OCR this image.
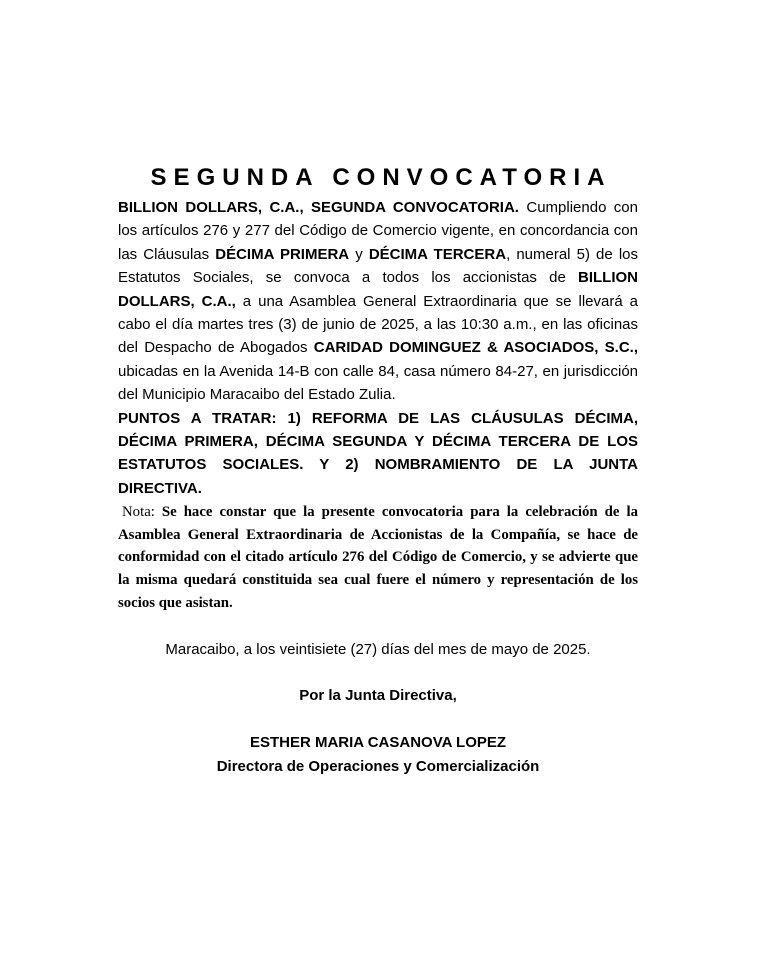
SEGUNDA CONVOCATORIA

BILLION DOLLARS, C.A., SEGUNDA CONVOCATORIA. Cumpliendo con los artículos 276 y 277 del Código de Comercio vigente, en concordancia con las Cláusulas DÉCIMA PRIMERA y DÉCIMA TERCERA, numeral 5) de los Estatutos Sociales, se convoca a todos los accionistas de BILLION DOLLARS, C.A., a una Asamblea General Extraordinaria que se llevará a cabo el día martes tres (3) de junio de 2025, a las 10:30 a.m., en las oficinas del Despacho de Abogados CARIDAD DOMINGUEZ & ASOCIADOS, S.C., ubicadas en la Avenida 14-B con calle 84, casa número 84-27, en jurisdicción del Municipio Maracaibo del Estado Zulia.

PUNTOS A TRATAR: 1) REFORMA DE LAS CLÁUSULAS DÉCIMA, DÉCIMA PRIMERA, DÉCIMA SEGUNDA Y DÉCIMA TERCERA DE LOS ESTATUTOS SOCIALES. Y 2) NOMBRAMIENTO DE LA JUNTA DIRECTIVA.

Nota: Se hace constar que la presente convocatoria para la celebración de la Asamblea General Extraordinaria de Accionistas de la Compañía, se hace de conformidad con el citado artículo 276 del Código de Comercio, y se advierte que la misma quedará constituida sea cual fuere el número y representación de los socios que asistan.

Maracaibo, a los veintisiete (27) días del mes de mayo de 2025.

Por la Junta Directiva,

ESTHER MARIA CASANOVA LOPEZ

Directora de Operaciones y Comercialización
